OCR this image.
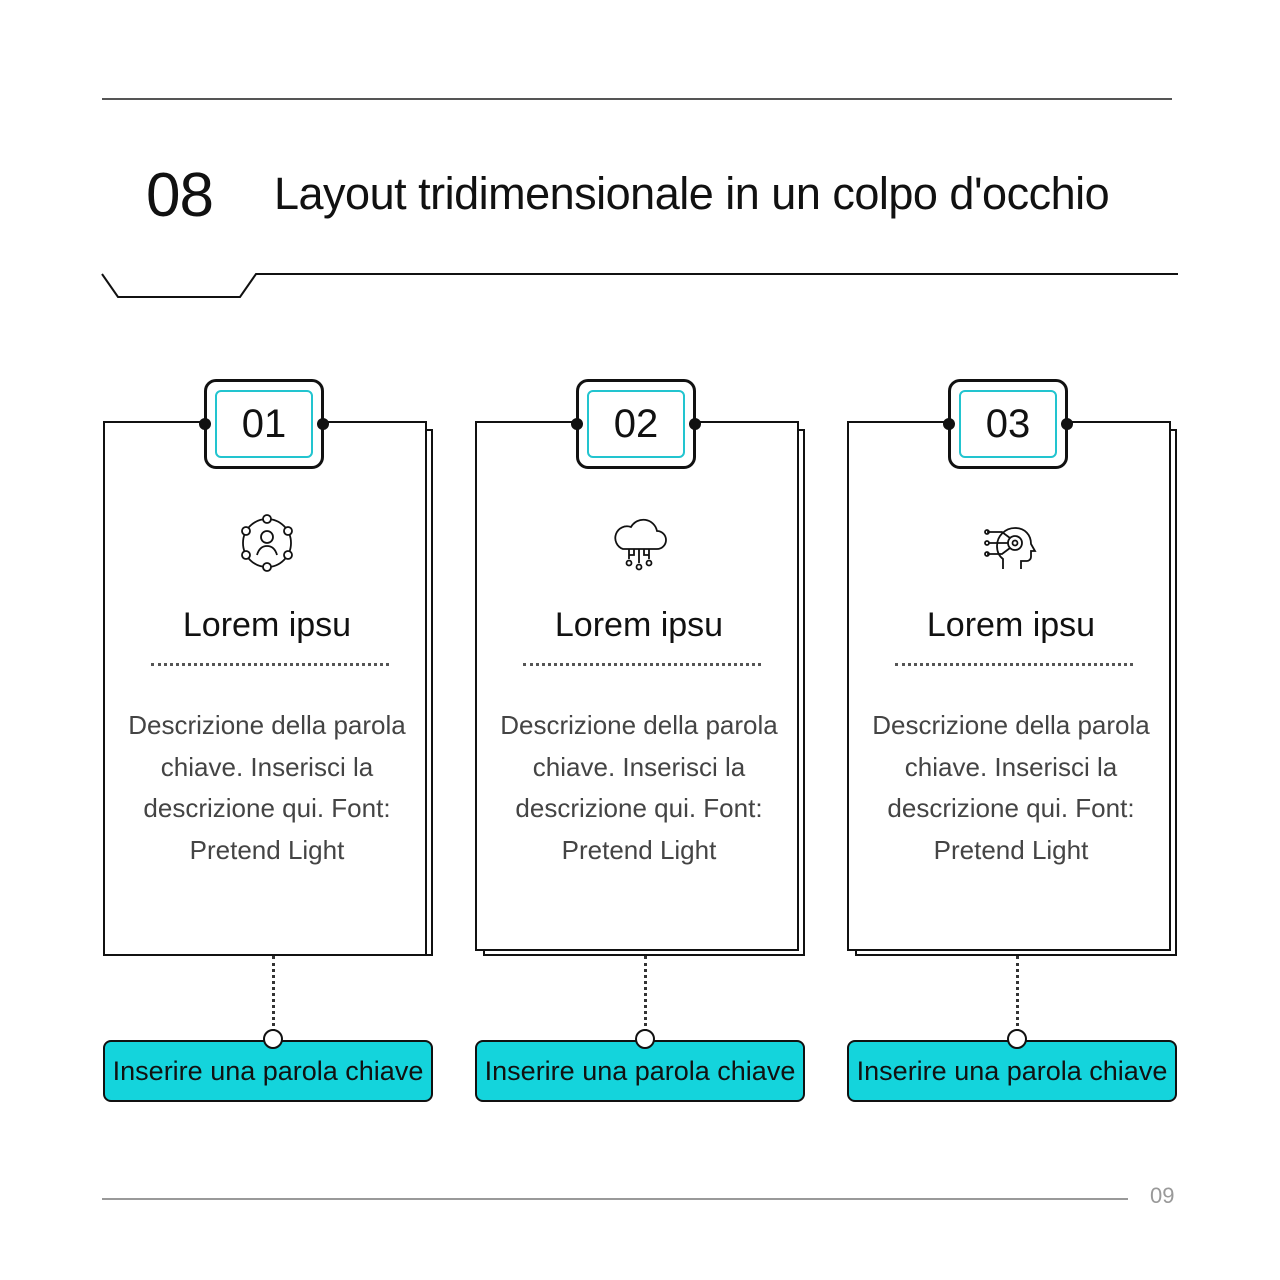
08 Layout tridimensionale in un colpo d'occhio
Lorem ipsu
Descrizione della parola chiave. Inserisci la descrizione qui. Font: Pretend Light
01
Lorem ipsu
Descrizione della parola chiave. Inserisci la descrizione qui. Font: Pretend Light
02
Lorem ipsu
Descrizione della parola chiave. Inserisci la descrizione qui. Font: Pretend Light
03
Inserire una parola chiave	Inserire una parola chiave	Inserire una parola chiave
09
